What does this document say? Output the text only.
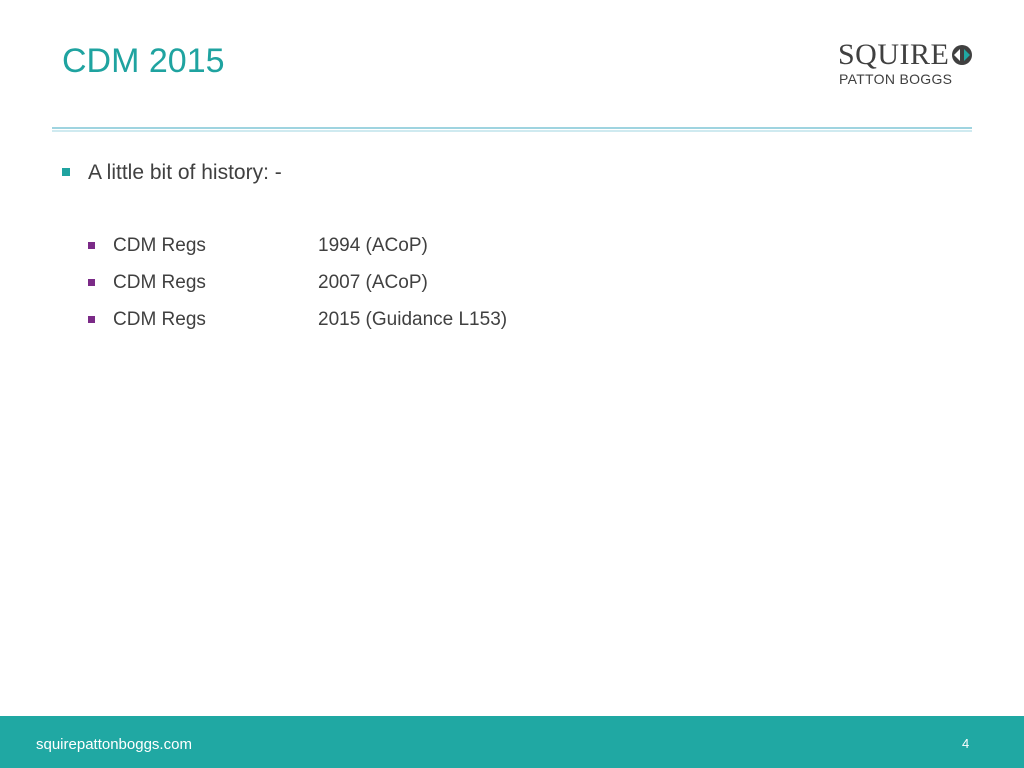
CDM 2015	SQUIRE
PATTON BOGGS
A little bit of history: -
CDM Regs	1994 (ACoP)
CDM Regs	2007 (ACoP)
CDM Regs	2015 (Guidance L153)
squirepattonboggs.com	4
